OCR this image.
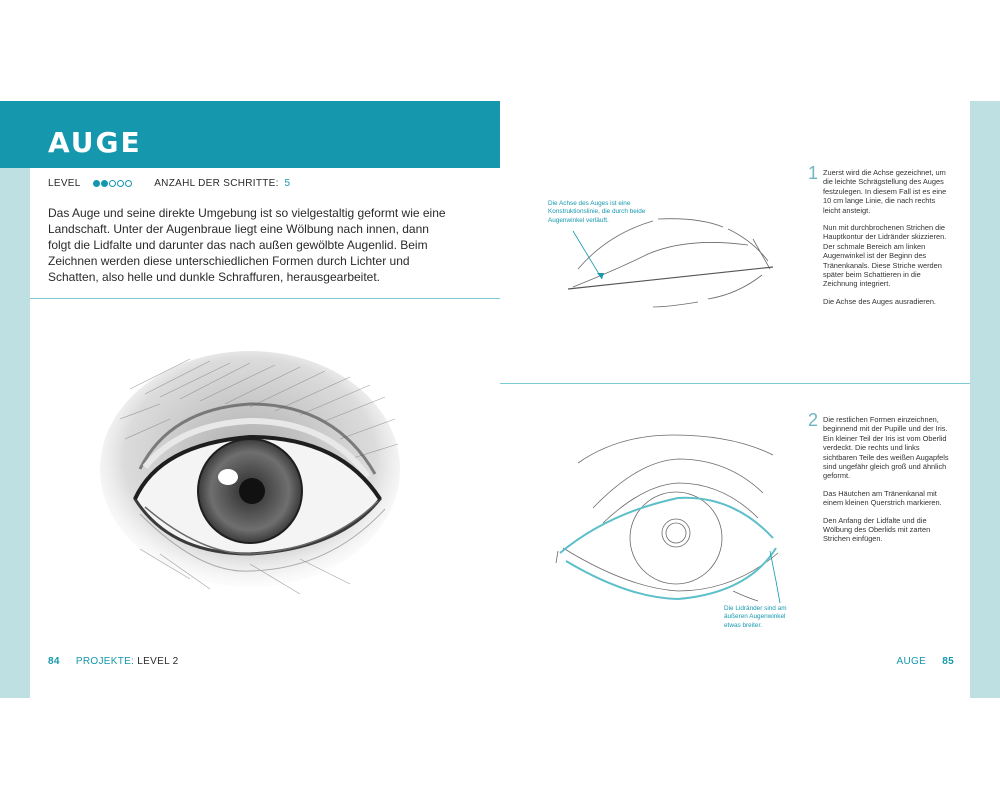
AUGE
LEVEL	ANZAHL DER SCHRITTE: 5

Das Auge und seine direkte Umgebung ist so vielgestaltig geformt wie eine Landschaft. Unter der Augenbraue liegt eine Wölbung nach innen, dann folgt die Lidfalte und darunter das nach außen gewölbte Augenlid. Beim Zeichnen werden diese unterschiedlichen Formen durch Lichter und Schatten, also helle und dunkle Schraffuren, herausgearbeitet.

84 PROJEKTE: LEVEL 2
Die Achse des Auges ist eine Konstruktionslinie, die durch beide Augenwinkel verläuft.
1 Zuerst wird die Achse gezeichnet, um die leichte Schrägstellung des Auges festzulegen. In diesem Fall ist es eine 10 cm lange Linie, die nach rechts leicht ansteigt.

Nun mit durchbrochenen Strichen die Hauptkontur der Lidränder skizzieren. Der schmale Bereich am linken Augenwinkel ist der Beginn des Tränenkanals. Diese Striche werden später beim Schattieren in die Zeichnung integriert.

Die Achse des Auges ausradieren.

Die Lidränder sind am äußeren Augenwinkel etwas breiter.
2 Die restlichen Formen einzeichnen, beginnend mit der Pupille und der Iris. Ein kleiner Teil der Iris ist vom Oberlid verdeckt. Die rechts und links sichtbaren Teile des weißen Augapfels sind ungefähr gleich groß und ähnlich geformt.

Das Häutchen am Tränenkanal mit einem kleinen Querstrich markieren.

Den Anfang der Lidfalte und die Wölbung des Oberlids mit zarten Strichen einfügen.

AUGE 85
